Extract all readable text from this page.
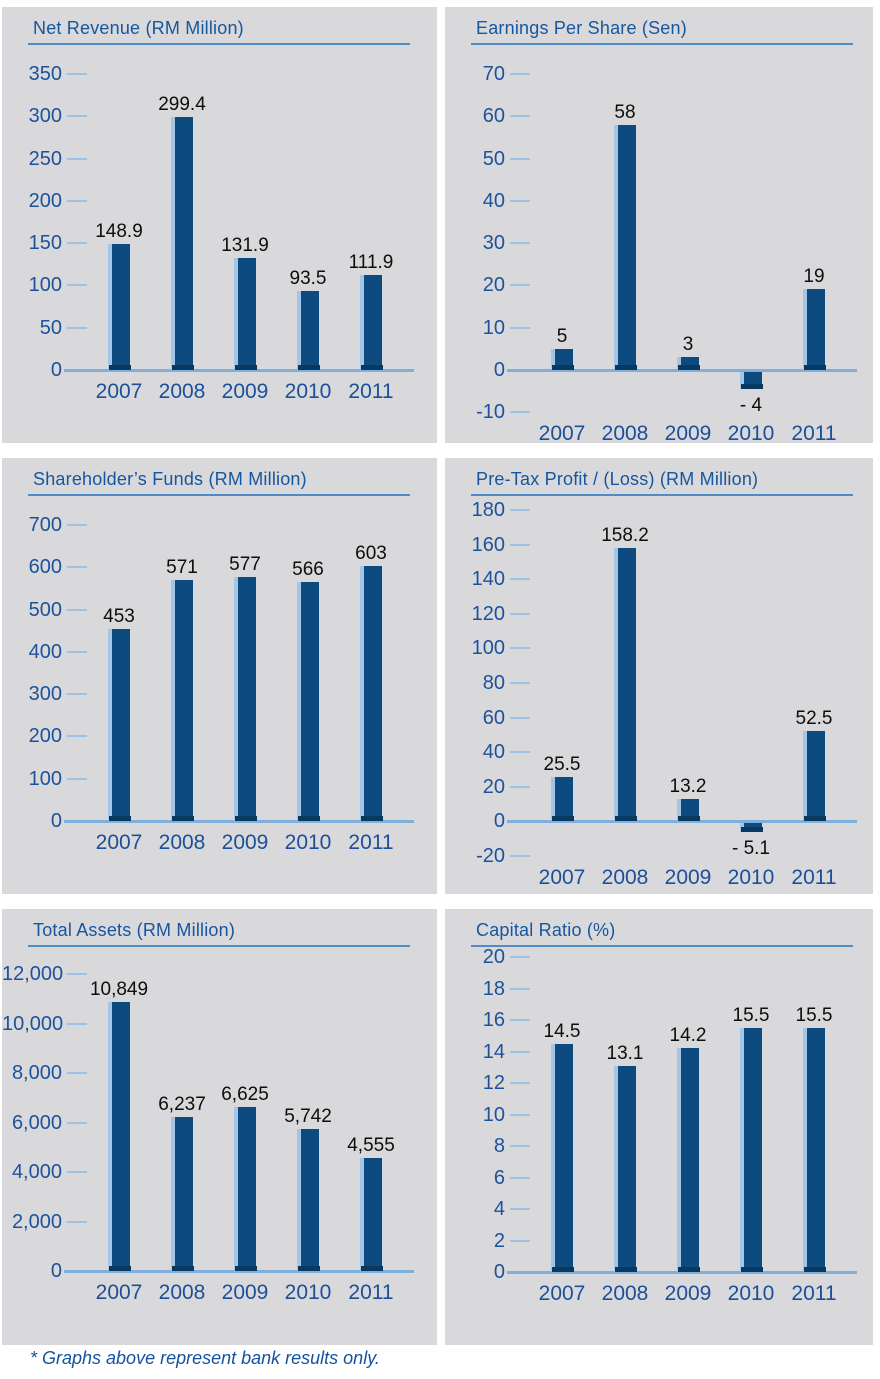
Net Revenue (RM Million)
350
300
250
200
150
100
50
0
148.9
2007
299.4
2008
131.9
2009
93.5
2010
111.9
2011
Earnings Per Share (Sen)
70
60
50
40
30
20
10
0
-10
5
2007
58
2008
3
2009
- 4
2010
19
2011
Shareholder’s Funds (RM Million)
700
600
500
400
300
200
100
0
453
2007
571
2008
577
2009
566
2010
603
2011
Pre-Tax Profit / (Loss) (RM Million)
180
160
140
120
100
80
60
40
20
0
-20
25.5
2007
158.2
2008
13.2
2009
- 5.1
2010
52.5
2011
Total Assets (RM Million)
12,000
10,000
8,000
6,000
4,000
2,000
0
10,849
2007
6,237
2008
6,625
2009
5,742
2010
4,555
2011
Capital Ratio (%)
20
18
16
14
12
10
8
6
4
2
0
14.5
2007
13.1
2008
14.2
2009
15.5
2010
15.5
2011
* Graphs above represent bank results only.
